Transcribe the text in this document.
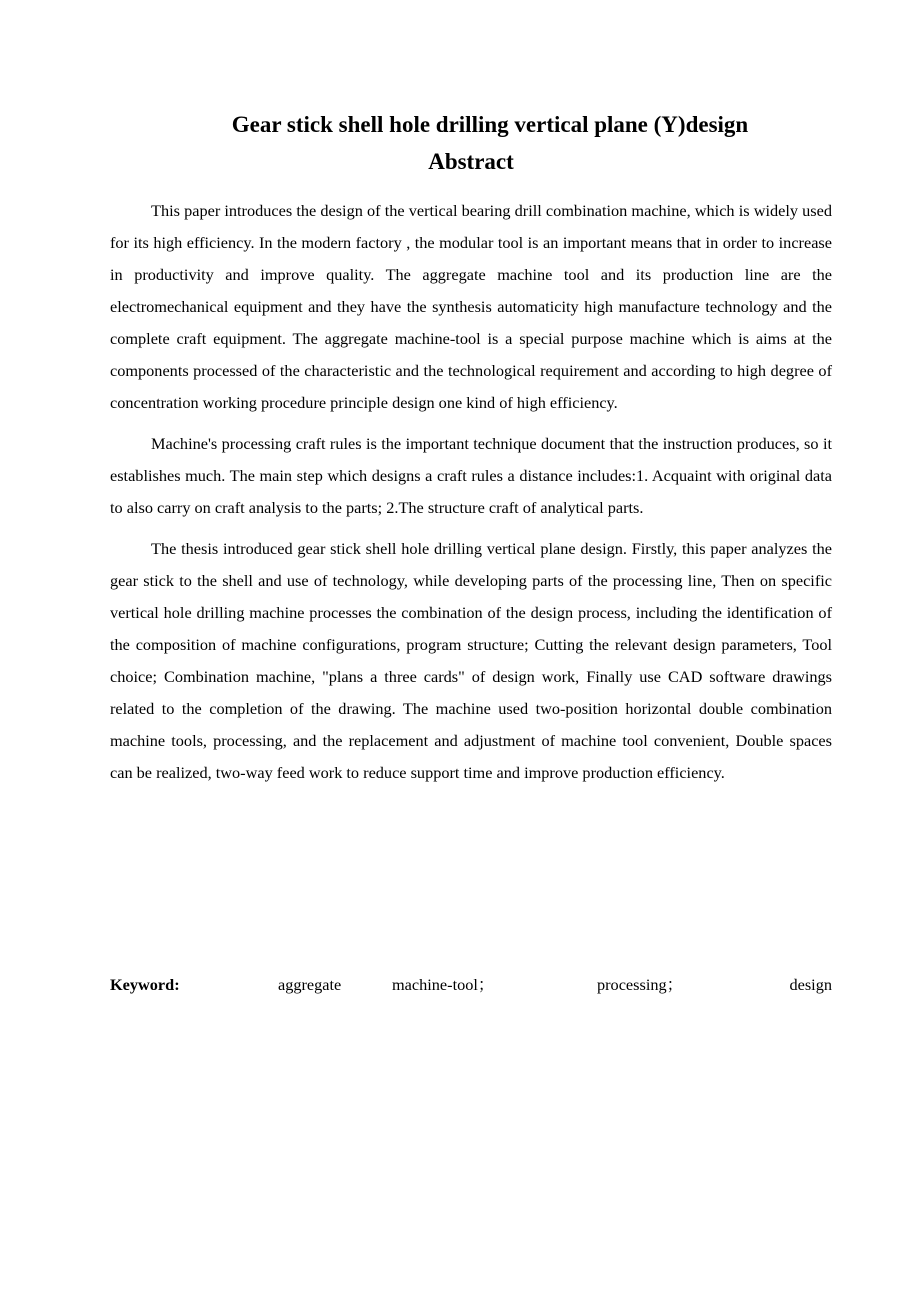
Gear stick shell hole drilling vertical plane (Y)design
Abstract

This paper introduces the design of the vertical bearing drill combination machine, which is widely used for its high efficiency. In the modern factory , the modular tool is an important means that in order to increase in productivity and improve quality. The aggregate machine tool and its production line are the electromechanical equipment and they have the synthesis automaticity high manufacture technology and the complete craft equipment. The aggregate machine-tool is a special purpose machine which is aims at the components processed of the characteristic and the technological requirement and according to high degree of concentration working procedure principle design one kind of high efficiency.

Machine's processing craft rules is the important technique document that the instruction produces, so it establishes much. The main step which designs a craft rules a distance includes:1. Acquaint with original data to also carry on craft analysis to the parts; 2.The structure craft of analytical parts.

The thesis introduced gear stick shell hole drilling vertical plane design. Firstly, this paper analyzes the gear stick to the shell and use of technology, while developing parts of the processing line, Then on specific vertical hole drilling machine processes the combination of the design process, including the identification of the composition of machine configurations, program structure; Cutting the relevant design parameters, Tool choice; Combination machine, "plans a three cards" of design work, Finally use CAD software drawings related to the completion of the drawing. The machine used two-position horizontal double combination machine tools, processing, and the replacement and adjustment of machine tool convenient, Double spaces can be realized, two-way feed work to reduce support time and improve production efficiency.

Keyword:	aggregate	machine-tool；	processing；	design
